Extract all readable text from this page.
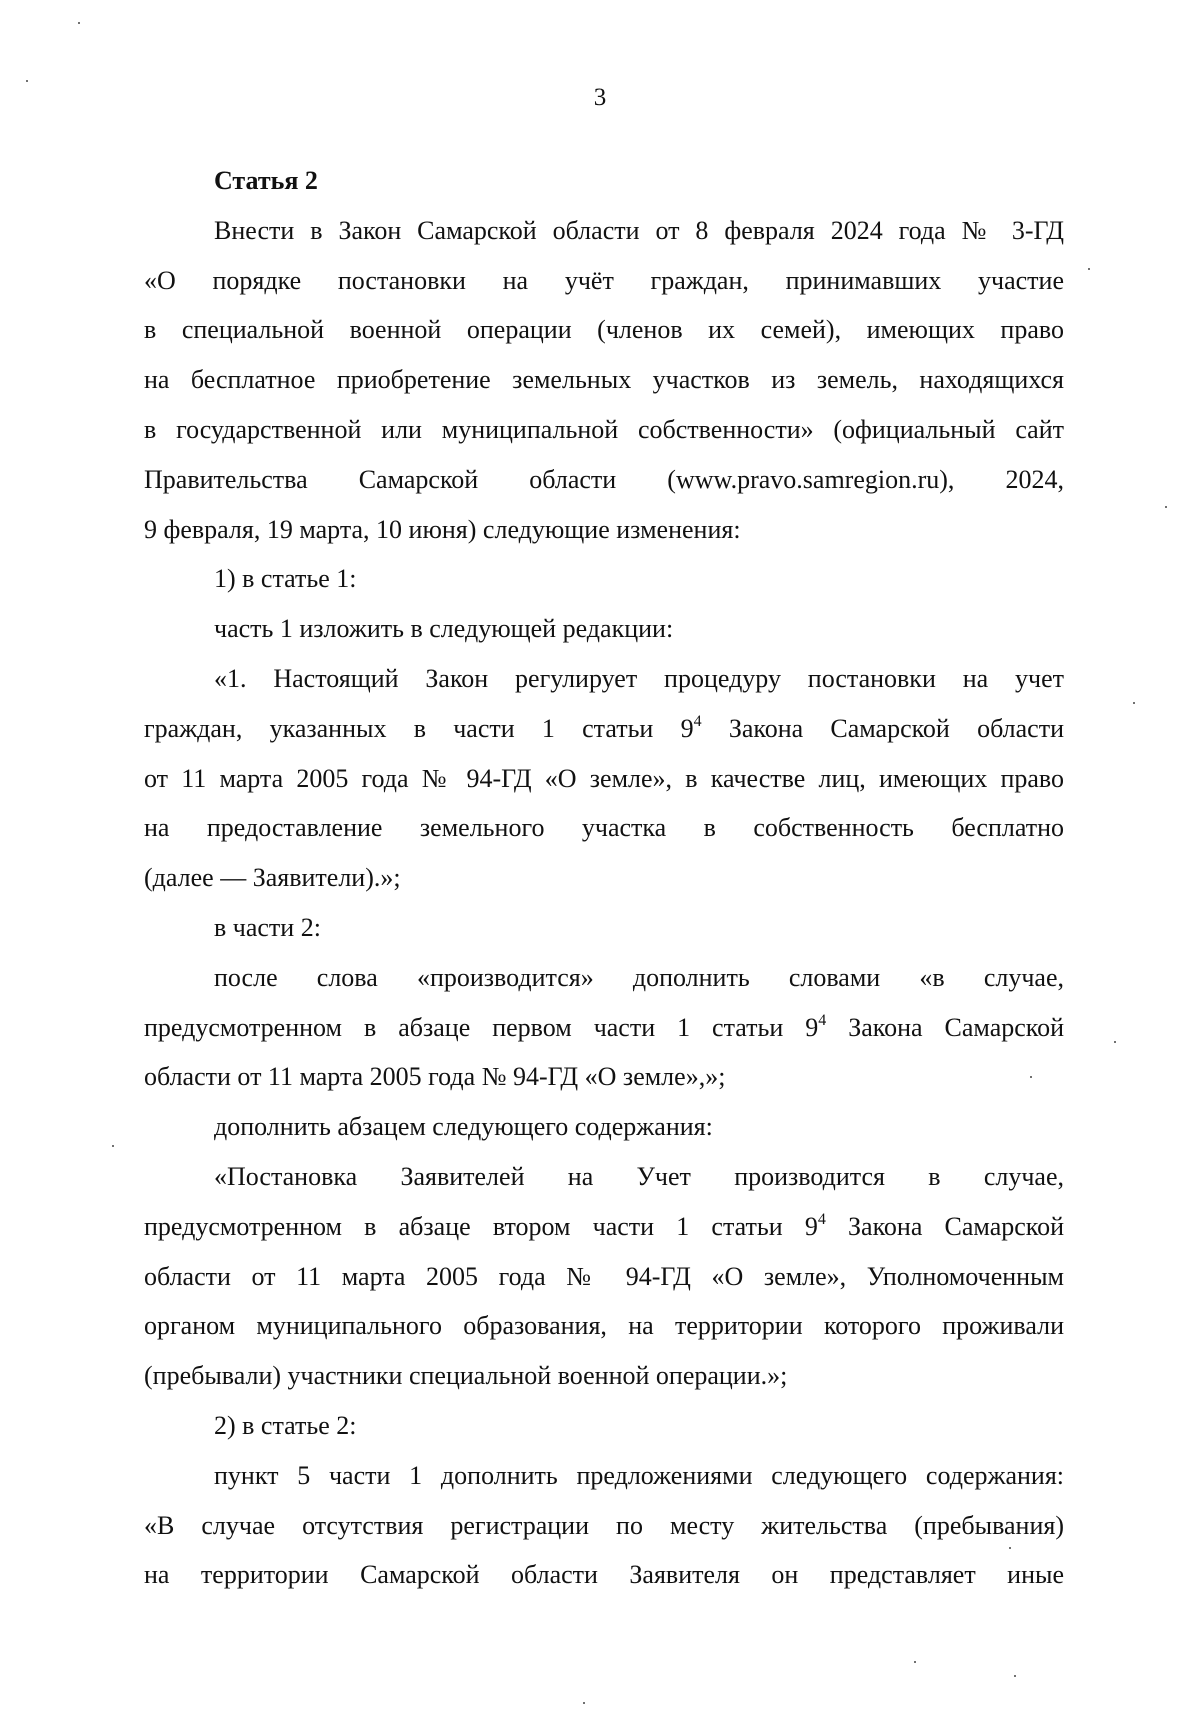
3
Статья 2
Внести в Закон Самарской области от 8 февраля 2024 года № 3-ГД
«О порядке постановки на учёт граждан, принимавших участие
в специальной военной операции (членов их семей), имеющих право
на бесплатное приобретение земельных участков из земель, находящихся
в государственной или муниципальной собственности» (официальный сайт
Правительства Самарской области (www.pravo.samregion.ru), 2024,
9 февраля, 19 марта, 10 июня) следующие изменения:
1) в статье 1:
часть 1 изложить в следующей редакции:
«1. Настоящий Закон регулирует процедуру постановки на учет
граждан, указанных в части 1 статьи $9^4$ Закона Самарской области
от 11 марта 2005 года № 94-ГД «О земле», в качестве лиц, имеющих право
на предоставление земельного участка в собственность бесплатно
(далее — Заявители).»;
в части 2:
после слова «производится» дополнить словами «в случае,
предусмотренном в абзаце первом части 1 статьи $9^4$ Закона Самарской
области от 11 марта 2005 года № 94-ГД «О земле»,»;
дополнить абзацем следующего содержания:
«Постановка Заявителей на Учет производится в случае,
предусмотренном в абзаце втором части 1 статьи $9^4$ Закона Самарской
области от 11 марта 2005 года № 94-ГД «О земле», Уполномоченным
органом муниципального образования, на территории которого проживали
(пребывали) участники специальной военной операции.»;
2) в статье 2:
пункт 5 части 1 дополнить предложениями следующего содержания:
«В случае отсутствия регистрации по месту жительства (пребывания)
на территории Самарской области Заявителя он представляет иные
